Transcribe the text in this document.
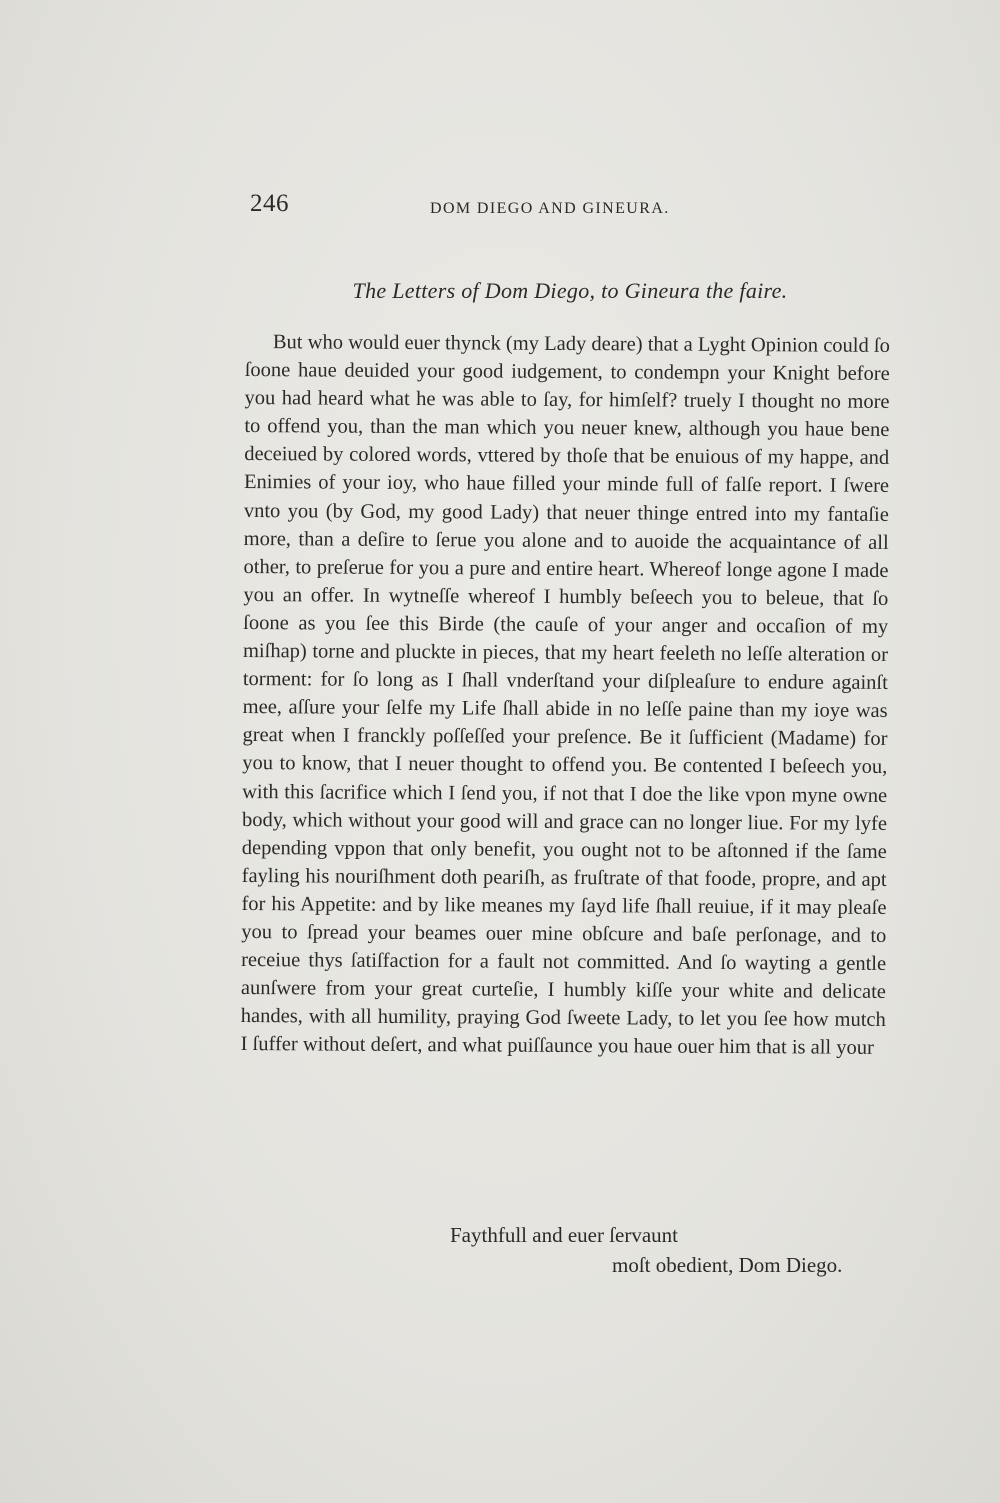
246	DOM DIEGO AND GINEURA.
The Letters of Dom Diego, to Gineura the faire.

But who would euer thynck (my Lady deare) that a Lyght Opinion could ſo ſoone haue deuided your good iudgement, to condempn your Knight before you had heard what he was able to ſay, for himſelf? truely I thought no more to offend you, than the man which you neuer knew, although you haue bene deceiued by colored words, vttered by thoſe that be enuious of my happe, and Enimies of your ioy, who haue filled your minde full of falſe report. I ſwere vnto you (by God, my good Lady) that neuer thinge entred into my fantaſie more, than a deſire to ſerue you alone and to auoide the acquaintance of all other, to preſerue for you a pure and entire heart. Whereof longe agone I made you an offer. In wytneſſe whereof I humbly beſeech you to beleue, that ſo ſoone as you ſee this Birde (the cauſe of your anger and occaſion of my miſhap) torne and pluckte in pieces, that my heart feeleth no leſſe alteration or torment: for ſo long as I ſhall vnderſtand your diſpleaſure to endure againſt mee, aſſure your ſelfe my Life ſhall abide in no leſſe paine than my ioye was great when I franckly poſſeſſed your preſence. Be it ſufficient (Madame) for you to know, that I neuer thought to offend you. Be contented I beſeech you, with this ſacrifice which I ſend you, if not that I doe the like vpon myne owne body, which without your good will and grace can no longer liue. For my lyfe depending vppon that only benefit, you ought not to be aſtonned if the ſame fayling his nouriſhment doth peariſh, as fruſtrate of that foode, propre, and apt for his Appetite: and by like meanes my ſayd life ſhall reuiue, if it may pleaſe you to ſpread your beames ouer mine obſcure and baſe perſonage, and to receiue thys ſatiſfaction for a fault not committed. And ſo wayting a gentle aunſwere from your great curteſie, I humbly kiſſe your white and delicate handes, with all humility, praying God ſweete Lady, to let you ſee how mutch I ſuffer without deſert, and what puiſſaunce you haue ouer him that is all your

Faythfull and euer ſervaunt
moſt obedient, Dom Diego.
